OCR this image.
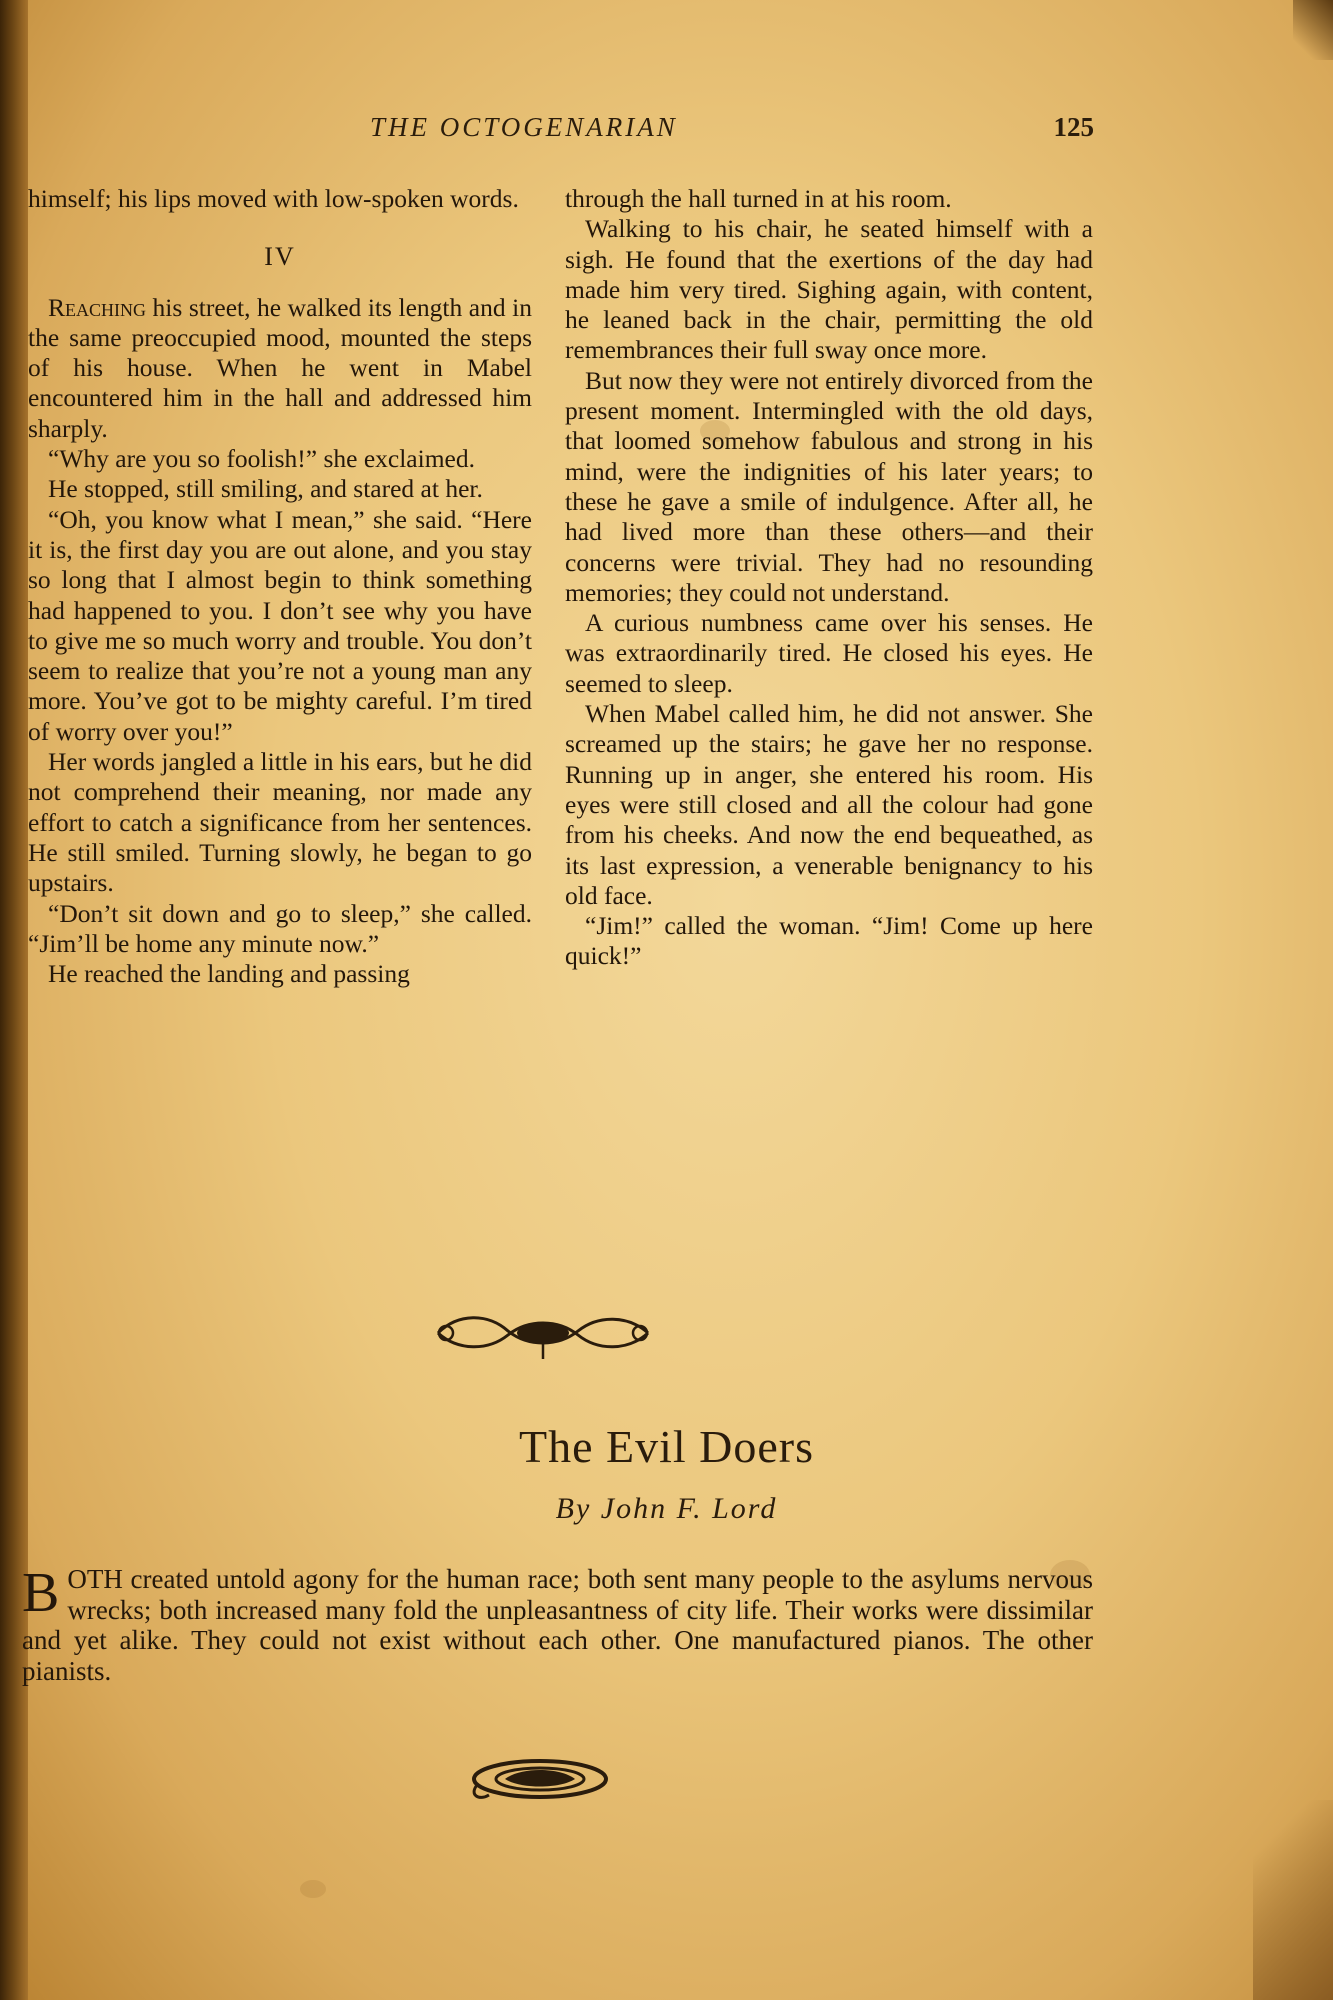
THE OCTOGENARIAN	125

himself; his lips moved with low-spoken words.

IV

Reaching his street, he walked its length and in the same preoccupied mood, mounted the steps of his house. When he went in Mabel encountered him in the hall and addressed him sharply.

“Why are you so foolish!” she exclaimed.

He stopped, still smiling, and stared at her.

“Oh, you know what I mean,” she said. “Here it is, the first day you are out alone, and you stay so long that I almost begin to think something had happened to you. I don’t see why you have to give me so much worry and trouble. You don’t seem to realize that you’re not a young man any more. You’ve got to be mighty careful. I’m tired of worry over you!”

Her words jangled a little in his ears, but he did not comprehend their meaning, nor made any effort to catch a significance from her sentences. He still smiled. Turning slowly, he began to go upstairs.

“Don’t sit down and go to sleep,” she called. “Jim’ll be home any minute now.”

He reached the landing and passing

through the hall turned in at his room.

Walking to his chair, he seated himself with a sigh. He found that the exertions of the day had made him very tired. Sighing again, with content, he leaned back in the chair, permitting the old remembrances their full sway once more.

But now they were not entirely divorced from the present moment. Intermingled with the old days, that loomed somehow fabulous and strong in his mind, were the indignities of his later years; to these he gave a smile of indulgence. After all, he had lived more than these others—and their concerns were trivial. They had no resounding memories; they could not understand.

A curious numbness came over his senses. He was extraordinarily tired. He closed his eyes. He seemed to sleep.

When Mabel called him, he did not answer. She screamed up the stairs; he gave her no response. Running up in anger, she entered his room. His eyes were still closed and all the colour had gone from his cheeks. And now the end bequeathed, as its last expression, a venerable benignancy to his old face.

“Jim!” called the woman. “Jim! Come up here quick!”

The Evil Doers
By John F. Lord

BOTH created untold agony for the human race; both sent many people to the asylums nervous wrecks; both increased many fold the unpleasantness of city life. Their works were dissimilar and yet alike. They could not exist without each other. One manufactured pianos. The other pianists.
